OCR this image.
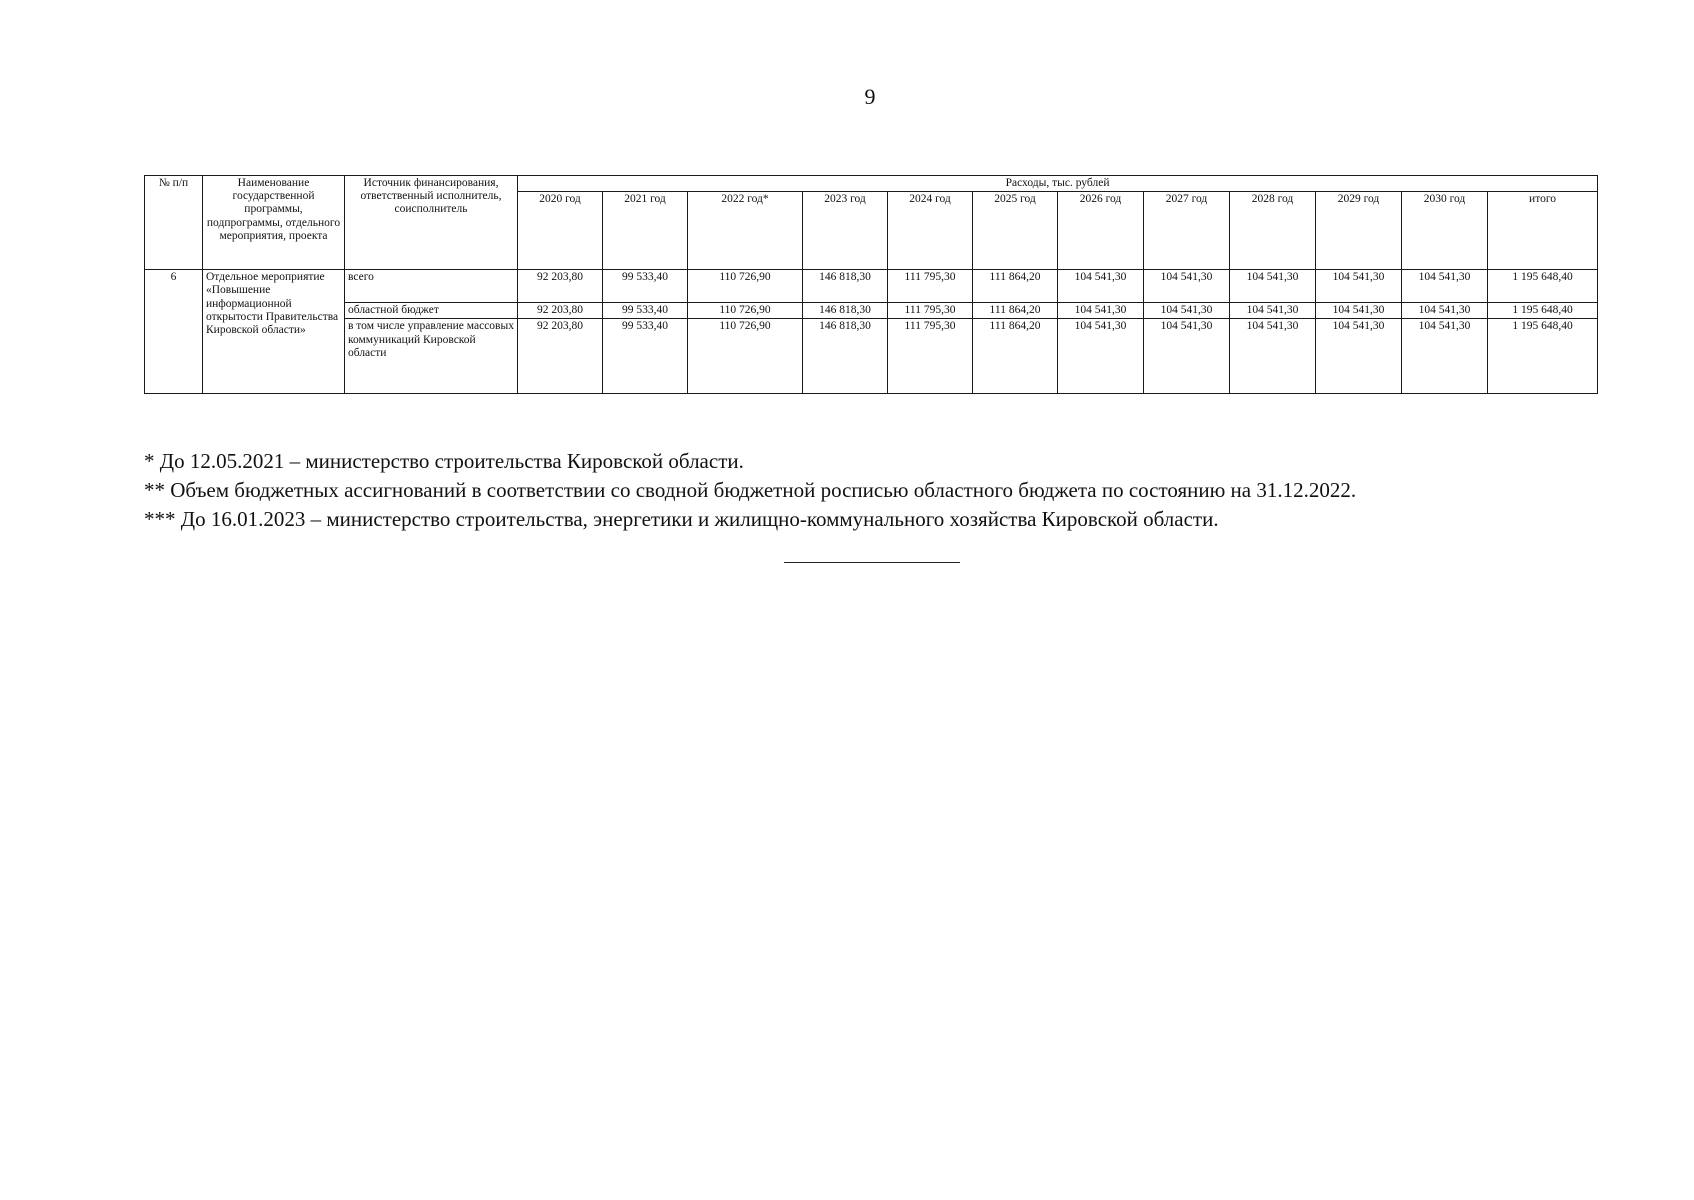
9
№ п/п	Наименование государственной программы, подпрограммы, отдельного мероприятия, проекта	Источник финансирования, ответственный исполнитель, соисполнитель	Расходы, тыс. рублей											
			2020 год	2021 год	2022 год*	2023 год	2024 год	2025 год	2026 год	2027 год	2028 год	2029 год	2030 год	итого
6	Отдельное мероприятие «Повышение информационной открытости Правительства Кировской области»	всего	92 203,80	99 533,40	110 726,90	146 818,30	111 795,30	111 864,20	104 541,30	104 541,30	104 541,30	104 541,30	104 541,30	1 195 648,40
		областной бюджет	92 203,80	99 533,40	110 726,90	146 818,30	111 795,30	111 864,20	104 541,30	104 541,30	104 541,30	104 541,30	104 541,30	1 195 648,40
		в том числе управление массовых коммуникаций Кировской области	92 203,80	99 533,40	110 726,90	146 818,30	111 795,30	111 864,20	104 541,30	104 541,30	104 541,30	104 541,30	104 541,30	1 195 648,40
* До 12.05.2021 – министерство строительства Кировской области.
** Объем бюджетных ассигнований в соответствии со сводной бюджетной росписью областного бюджета по состоянию на 31.12.2022.
*** До 16.01.2023 – министерство строительства, энергетики и жилищно-коммунального хозяйства Кировской области.
